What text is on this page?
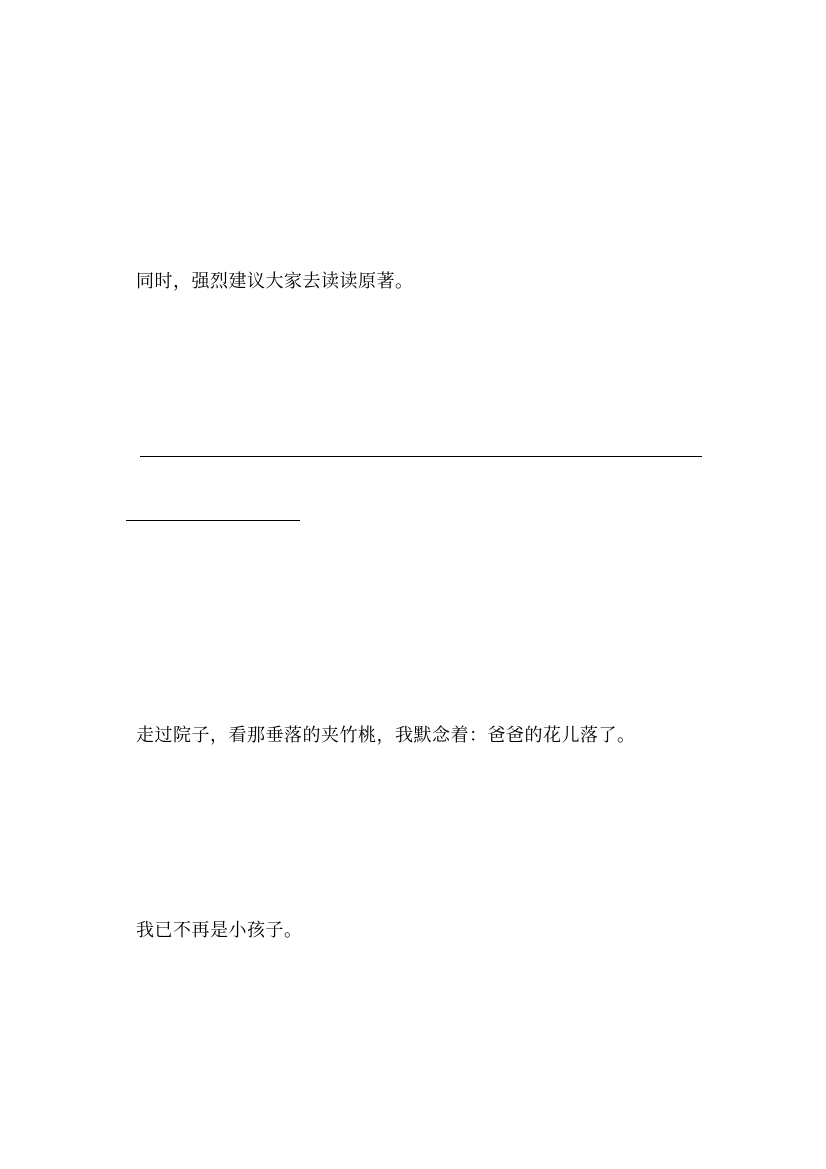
同时，强烈建议大家去读读原著。

走过院子，看那垂落的夹竹桃，我默念着：爸爸的花儿落了。

我已不再是小孩子。
